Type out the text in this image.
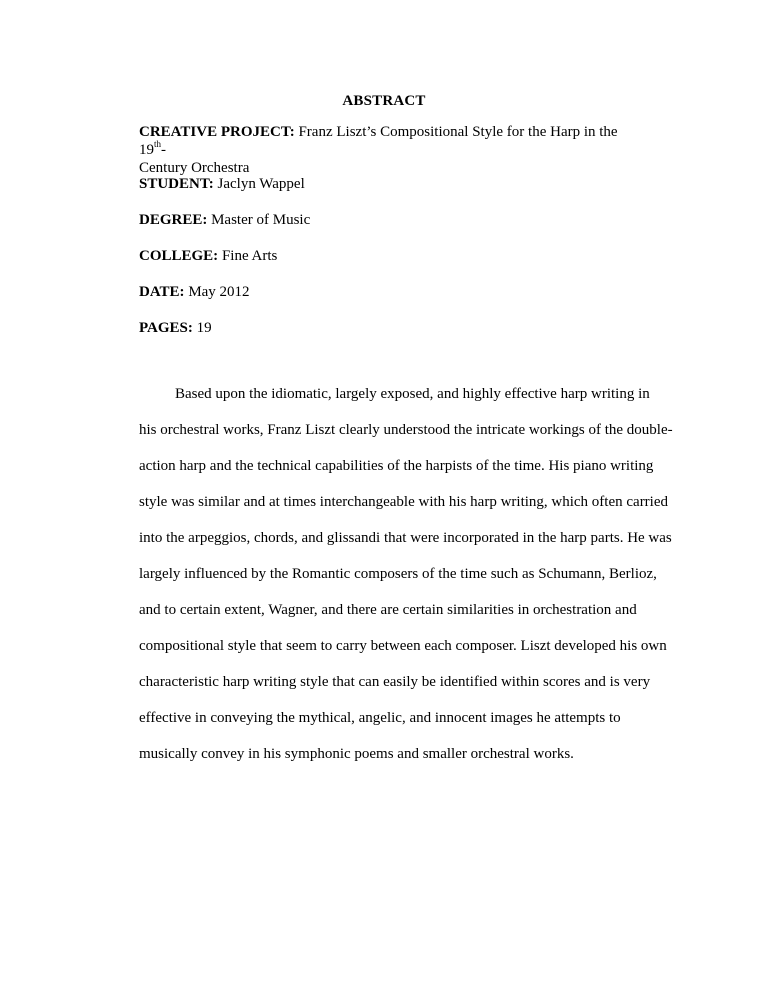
ABSTRACT
CREATIVE PROJECT: Franz Liszt’s Compositional Style for the Harp in the 19th-
Century Orchestra
STUDENT: Jaclyn Wappel
DEGREE: Master of Music
COLLEGE: Fine Arts
DATE: May 2012
PAGES: 19
Based upon the idiomatic, largely exposed, and highly effective harp writing in
his orchestral works, Franz Liszt clearly understood the intricate workings of the double-
action harp and the technical capabilities of the harpists of the time. His piano writing
style was similar and at times interchangeable with his harp writing, which often carried
into the arpeggios, chords, and glissandi that were incorporated in the harp parts. He was
largely influenced by the Romantic composers of the time such as Schumann, Berlioz,
and to certain extent, Wagner, and there are certain similarities in orchestration and
compositional style that seem to carry between each composer. Liszt developed his own
characteristic harp writing style that can easily be identified within scores and is very
effective in conveying the mythical, angelic, and innocent images he attempts to
musically convey in his symphonic poems and smaller orchestral works.
